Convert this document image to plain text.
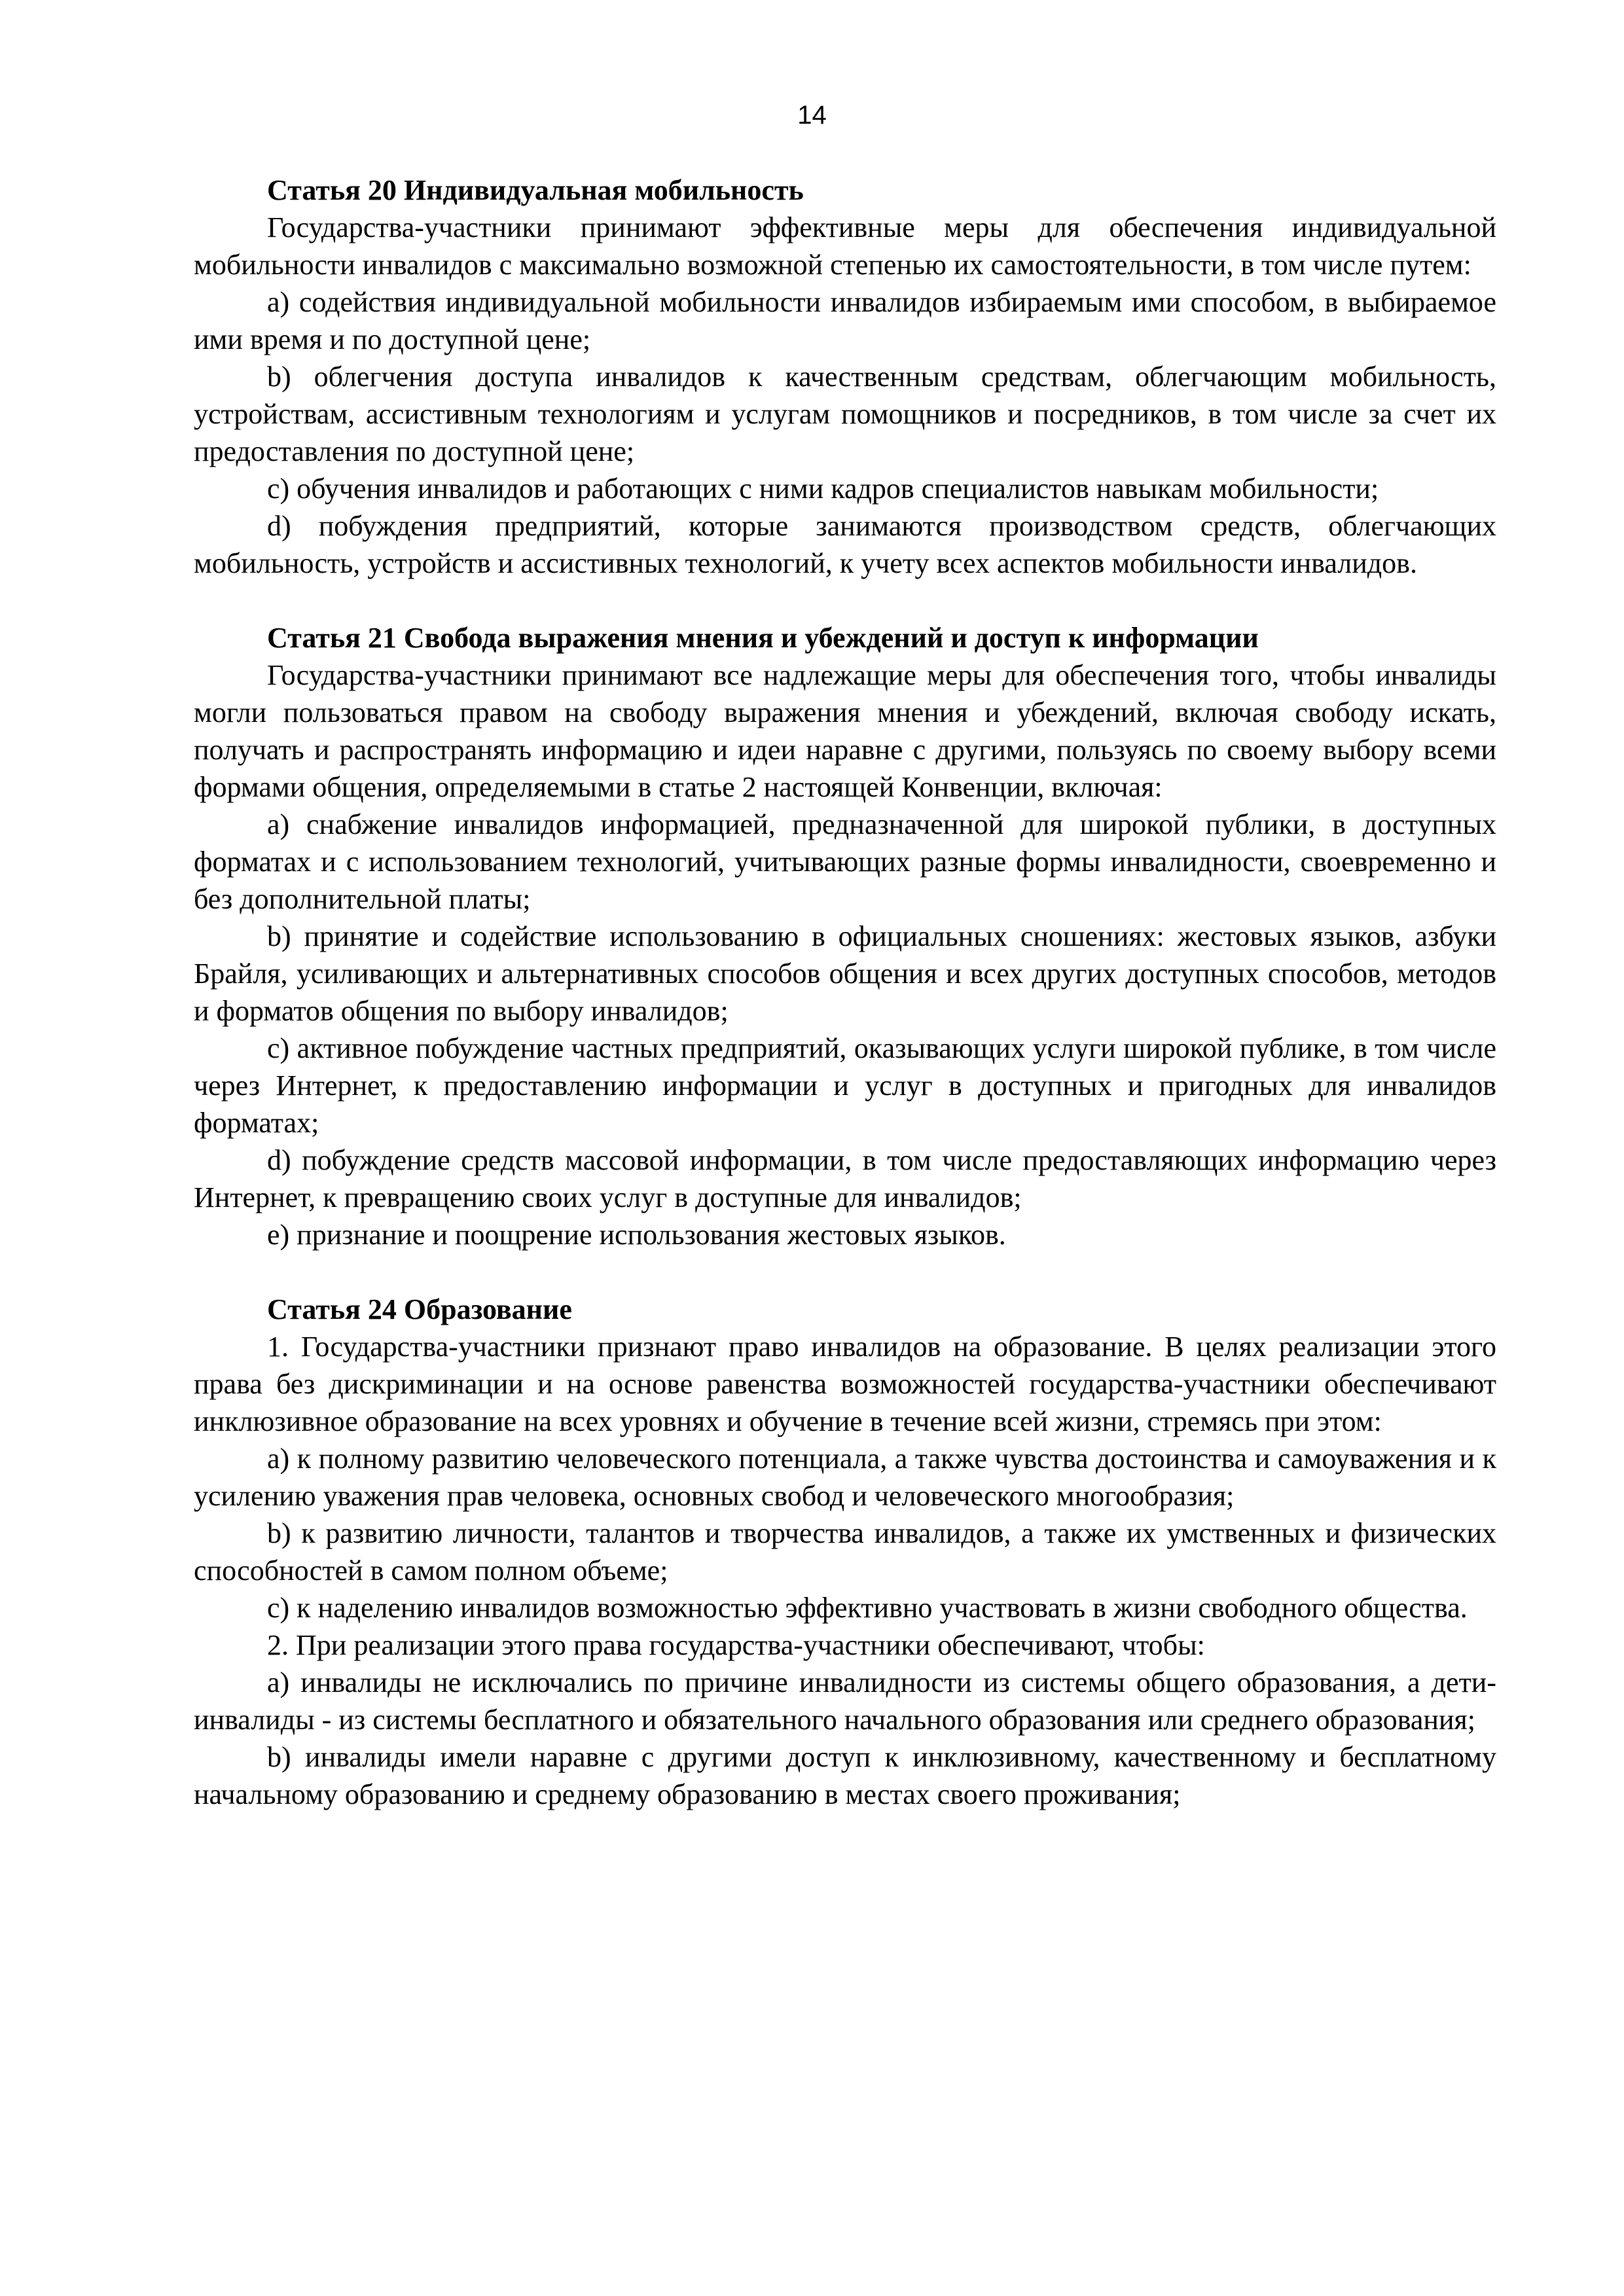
14

Статья 20 Индивидуальная мобильность

Государства-участники принимают эффективные меры для обеспечения индивидуальной мобильности инвалидов с максимально возможной степенью их самостоятельности, в том числе путем:

a) содействия индивидуальной мобильности инвалидов избираемым ими способом, в выбираемое ими время и по доступной цене;

b) облегчения доступа инвалидов к качественным средствам, облегчающим мобильность, устройствам, ассистивным технологиям и услугам помощников и посредников, в том числе за счет их предоставления по доступной цене;

c) обучения инвалидов и работающих с ними кадров специалистов навыкам мобильности;

d) побуждения предприятий, которые занимаются производством средств, облегчающих мобильность, устройств и ассистивных технологий, к учету всех аспектов мобильности инвалидов.

Статья 21 Свобода выражения мнения и убеждений и доступ к информации

Государства-участники принимают все надлежащие меры для обеспечения того, чтобы инвалиды могли пользоваться правом на свободу выражения мнения и убеждений, включая свободу искать, получать и распространять информацию и идеи наравне с другими, пользуясь по своему выбору всеми формами общения, определяемыми в статье 2 настоящей Конвенции, включая:

a) снабжение инвалидов информацией, предназначенной для широкой публики, в доступных форматах и с использованием технологий, учитывающих разные формы инвалидности, своевременно и без дополнительной платы;

b) принятие и содействие использованию в официальных сношениях: жестовых языков, азбуки Брайля, усиливающих и альтернативных способов общения и всех других доступных способов, методов и форматов общения по выбору инвалидов;

c) активное побуждение частных предприятий, оказывающих услуги широкой публике, в том числе через Интернет, к предоставлению информации и услуг в доступных и пригодных для инвалидов форматах;

d) побуждение средств массовой информации, в том числе предоставляющих информацию через Интернет, к превращению своих услуг в доступные для инвалидов;

e) признание и поощрение использования жестовых языков.

Статья 24 Образование

1. Государства-участники признают право инвалидов на образование. В целях реализации этого права без дискриминации и на основе равенства возможностей государства-участники обеспечивают инклюзивное образование на всех уровнях и обучение в течение всей жизни, стремясь при этом:

a) к полному развитию человеческого потенциала, а также чувства достоинства и самоуважения и к усилению уважения прав человека, основных свобод и человеческого многообразия;

b) к развитию личности, талантов и творчества инвалидов, а также их умственных и физических способностей в самом полном объеме;

c) к наделению инвалидов возможностью эффективно участвовать в жизни свободного общества.

2. При реализации этого права государства-участники обеспечивают, чтобы:

a) инвалиды не исключались по причине инвалидности из системы общего образования, а дети-инвалиды - из системы бесплатного и обязательного начального образования или среднего образования;

b) инвалиды имели наравне с другими доступ к инклюзивному, качественному и бесплатному начальному образованию и среднему образованию в местах своего проживания;
